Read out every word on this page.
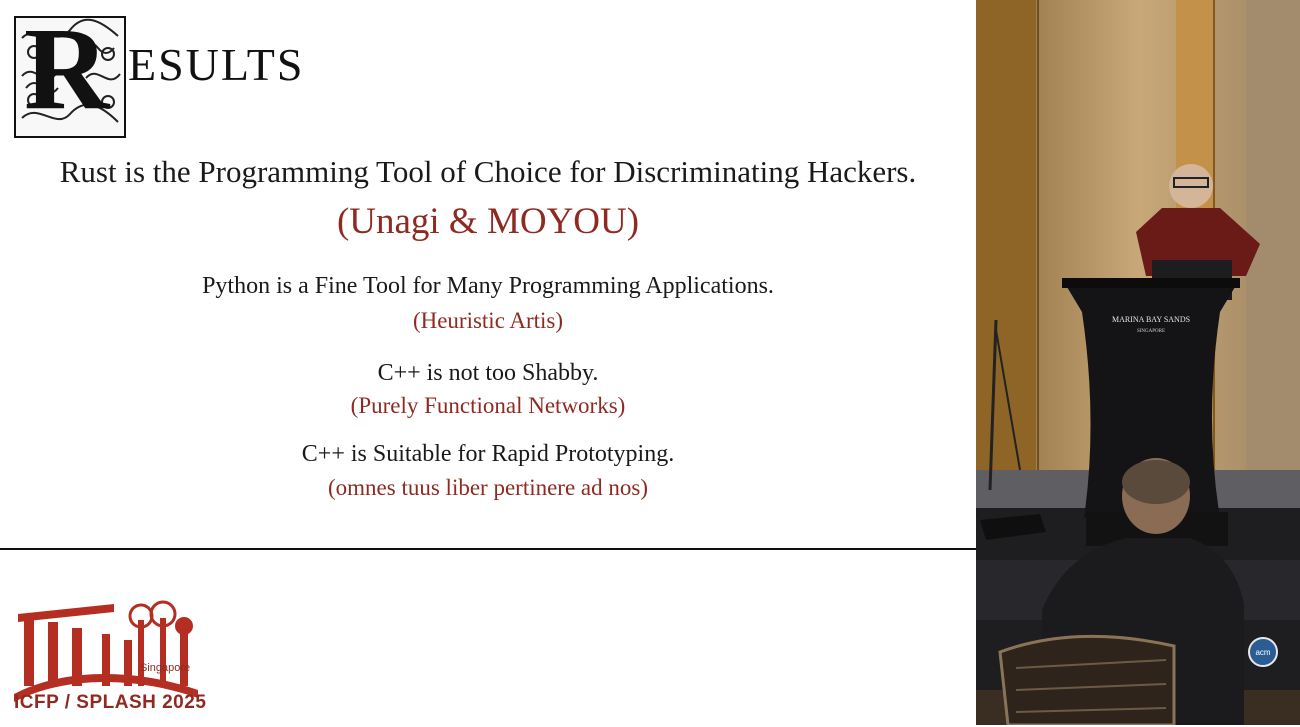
R ESULTS
Rust is the Programming Tool of Choice for Discriminating Hackers.
(Unagi & MOYOU)
Python is a Fine Tool for Many Programming Applications.
(Heuristic Artis)
C++ is not too Shabby.
(Purely Functional Networks)
C++ is Suitable for Rapid Prototyping.
(omnes tuus liber pertinere ad nos)
Singapore
ICFP / SPLASH 2025
MARINA BAY SANDS
SINGAPORE
acm
